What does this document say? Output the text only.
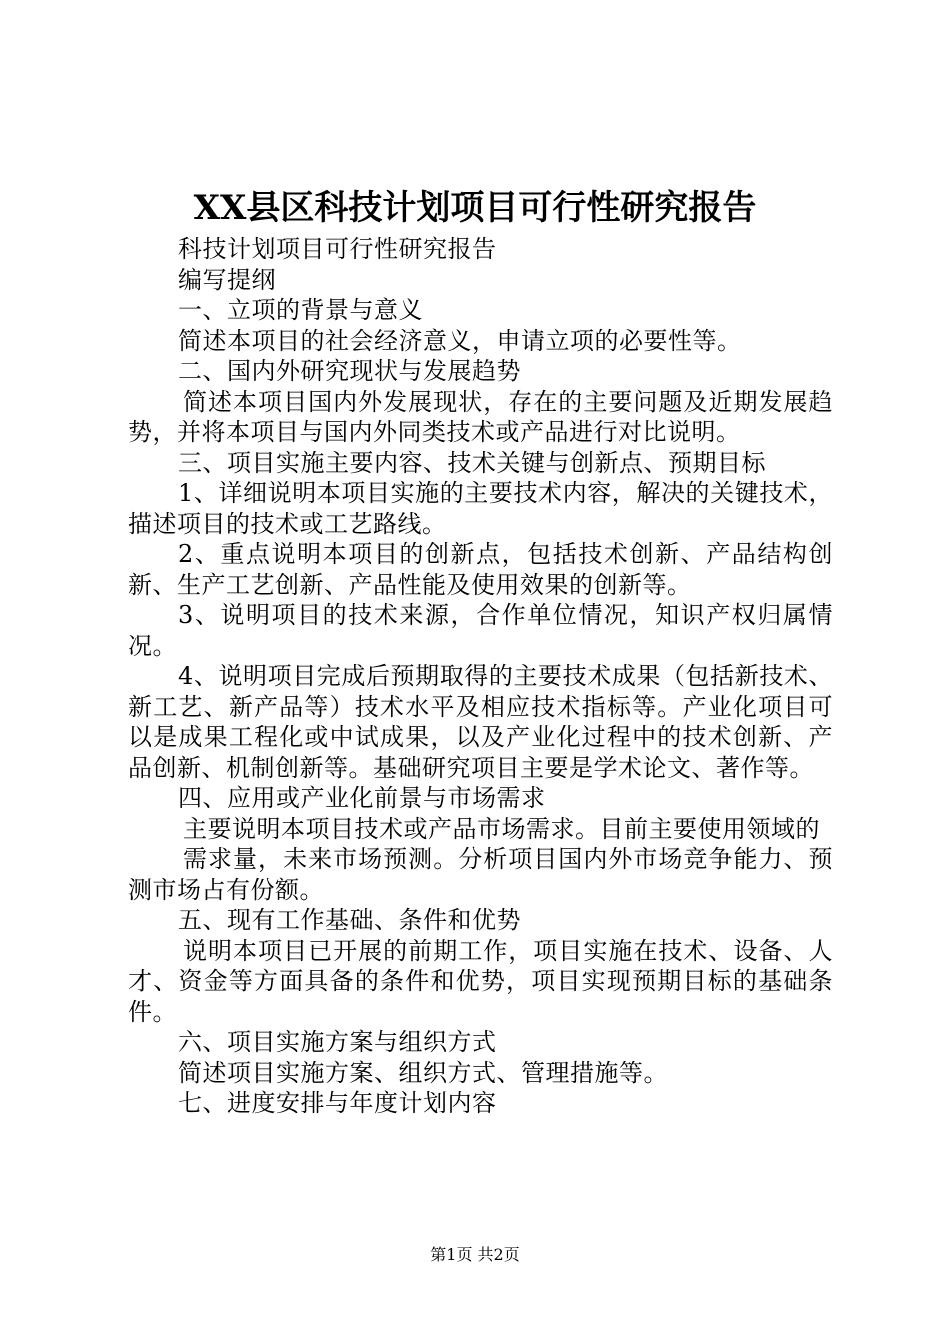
XX县区科技计划项目可行性研究报告

科技计划项目可行性研究报告

编写提纲

一、立项的背景与意义

简述本项目的社会经济意义，申请立项的必要性等。

二、国内外研究现状与发展趋势

简述本项目国内外发展现状，存在的主要问题及近期发展趋势，并将本项目与国内外同类技术或产品进行对比说明。

三、项目实施主要内容、技术关键与创新点、预期目标

1、详细说明本项目实施的主要技术内容，解决的关键技术，描述项目的技术或工艺路线。

2、重点说明本项目的创新点，包括技术创新、产品结构创新、生产工艺创新、产品性能及使用效果的创新等。

3、说明项目的技术来源，合作单位情况，知识产权归属情况。

4、说明项目完成后预期取得的主要技术成果（包括新技术、新工艺、新产品等）技术水平及相应技术指标等。产业化项目可以是成果工程化或中试成果，以及产业化过程中的技术创新、产品创新、机制创新等。基础研究项目主要是学术论文、著作等。

四、应用或产业化前景与市场需求

主要说明本项目技术或产品市场需求。目前主要使用领域的

需求量，未来市场预测。分析项目国内外市场竞争能力、预测市场占有份额。

五、现有工作基础、条件和优势

说明本项目已开展的前期工作，项目实施在技术、设备、人才、资金等方面具备的条件和优势，项目实现预期目标的基础条件。

六、项目实施方案与组织方式

简述项目实施方案、组织方式、管理措施等。

七、进度安排与年度计划内容

第1页 共2页
